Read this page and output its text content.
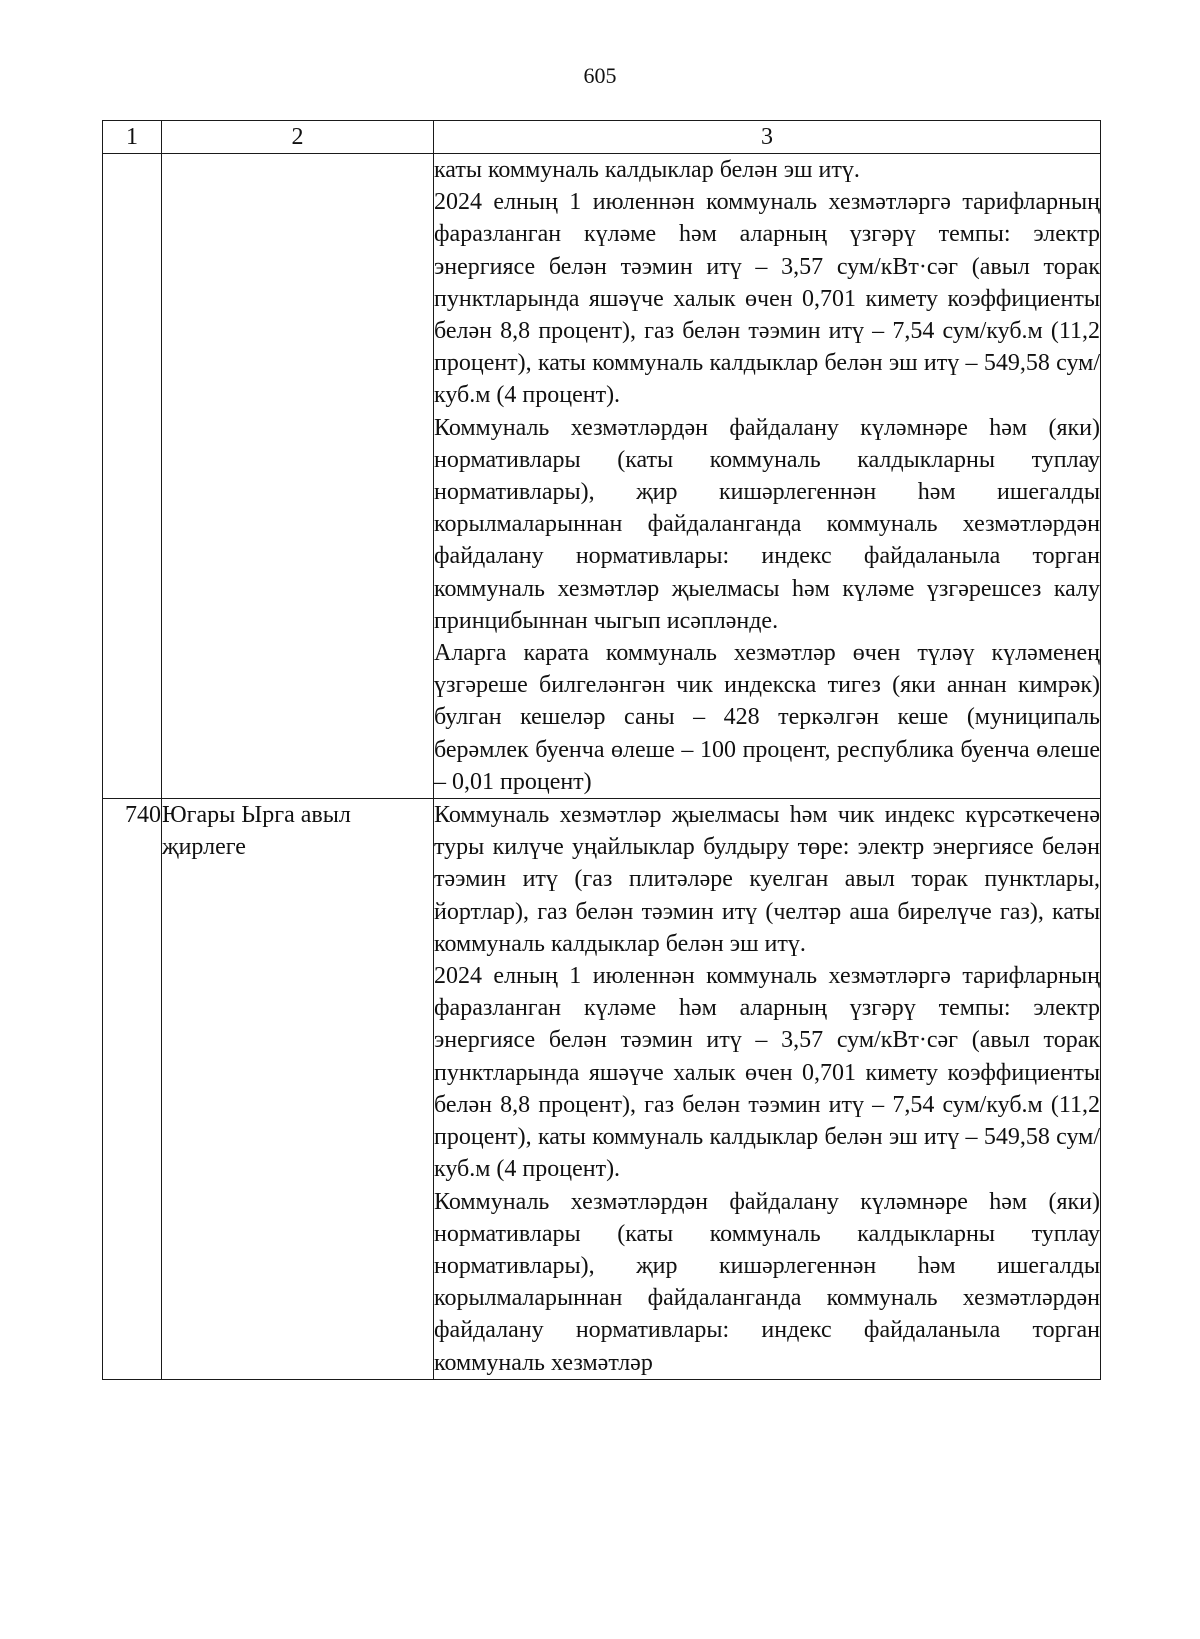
605
1	2	3

		каты коммуналь калдыклар белән эш итү.

2024 елның 1 июленнән коммуналь хезмәтләргә тарифларның фаразланган күләме һәм аларның үзгәрү темпы: электр энергиясе белән тәэмин итү – 3,57 сум/кВт·сәг (авыл торак пунктларында яшәүче халык өчен 0,701 кимету коэффициенты белән 8,8 процент), газ белән тәэмин итү – 7,54 сум/куб.м (11,2 процент), каты коммуналь калдыклар белән эш итү – 549,58 сум/куб.м (4 процент).

Коммуналь хезмәтләрдән файдалану күләмнәре һәм (яки) нормативлары (каты коммуналь калдыкларны туплау нормативлары), җир кишәрлегеннән һәм ишегалды корылмаларыннан файдаланганда коммуналь хезмәтләрдән файдалану нормативлары: индекс файдаланыла торган коммуналь хезмәтләр җыелмасы һәм күләме үзгәрешсез калу принцибыннан чыгып исәпләнде.

Аларга карата коммуналь хезмәтләр өчен түләү күләменең үзгәреше билгеләнгән чик индекска тигез (яки аннан кимрәк) булган кешеләр саны – 428 теркәлгән кеше (муниципаль берәмлек буенча өлеше – 100 процент, республика буенча өлеше – 0,01 процент)

740	Югары Ырга авыл җирлеге	Коммуналь хезмәтләр җыелмасы һәм чик индекс күрсәткеченә туры килүче уңайлыклар булдыру төре: электр энергиясе белән тәэмин итү (газ плитәләре куелган авыл торак пунктлары, йортлар), газ белән тәэмин итү (челтәр аша бирелүче газ), каты коммуналь калдыклар белән эш итү.

2024 елның 1 июленнән коммуналь хезмәтләргә тарифларның фаразланган күләме һәм аларның үзгәрү темпы: электр энергиясе белән тәэмин итү – 3,57 сум/кВт·сәг (авыл торак пунктларында яшәүче халык өчен 0,701 кимету коэффициенты белән 8,8 процент), газ белән тәэмин итү – 7,54 сум/куб.м (11,2 процент), каты коммуналь калдыклар белән эш итү – 549,58 сум/куб.м (4 процент).

Коммуналь хезмәтләрдән файдалану күләмнәре һәм (яки) нормативлары (каты коммуналь калдыкларны туплау нормативлары), җир кишәрлегеннән һәм ишегалды корылмаларыннан файдаланганда коммуналь хезмәтләрдән файдалану нормативлары: индекс файдаланыла торган коммуналь хезмәтләр
